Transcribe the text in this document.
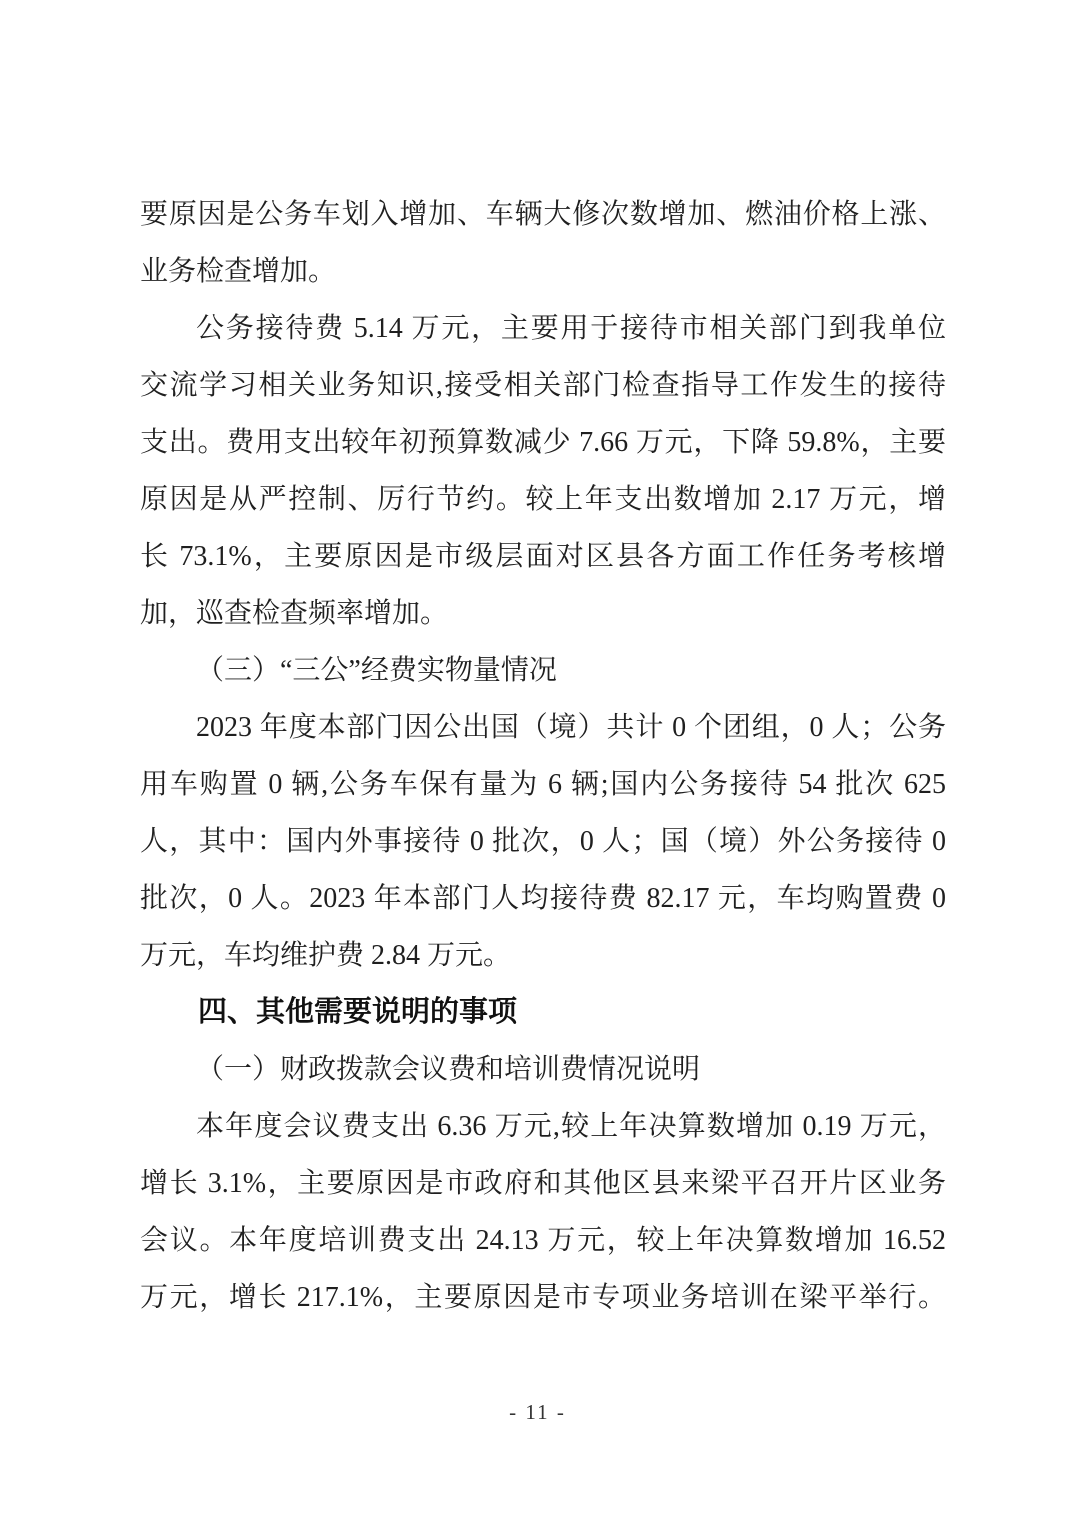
要原因是公务车划入增加、车辆大修次数增加、燃油价格上涨、
业务检查增加。
公务接待费 5.14 万元，主要用于接待市相关部门到我单位
交流学习相关业务知识,接受相关部门检查指导工作发生的接待
支出。费用支出较年初预算数减少 7.66 万元，下降 59.8%，主要
原因是从严控制、厉行节约。较上年支出数增加 2.17 万元，增
长 73.1%，主要原因是市级层面对区县各方面工作任务考核增
加，巡查检查频率增加。
（三）“三公”经费实物量情况
2023 年度本部门因公出国（境）共计 0 个团组，0 人；公务
用车购置 0 辆,公务车保有量为 6 辆;国内公务接待 54 批次 625
人，其中：国内外事接待 0 批次，0 人；国（境）外公务接待 0
批次，0 人。2023 年本部门人均接待费 82.17 元，车均购置费 0
万元，车均维护费 2.84 万元。
四、其他需要说明的事项
（一）财政拨款会议费和培训费情况说明
本年度会议费支出 6.36 万元,较上年决算数增加 0.19 万元，
增长 3.1%，主要原因是市政府和其他区县来梁平召开片区业务
会议。本年度培训费支出 24.13 万元，较上年决算数增加 16.52
万元，增长 217.1%，主要原因是市专项业务培训在梁平举行。
- 11 -
